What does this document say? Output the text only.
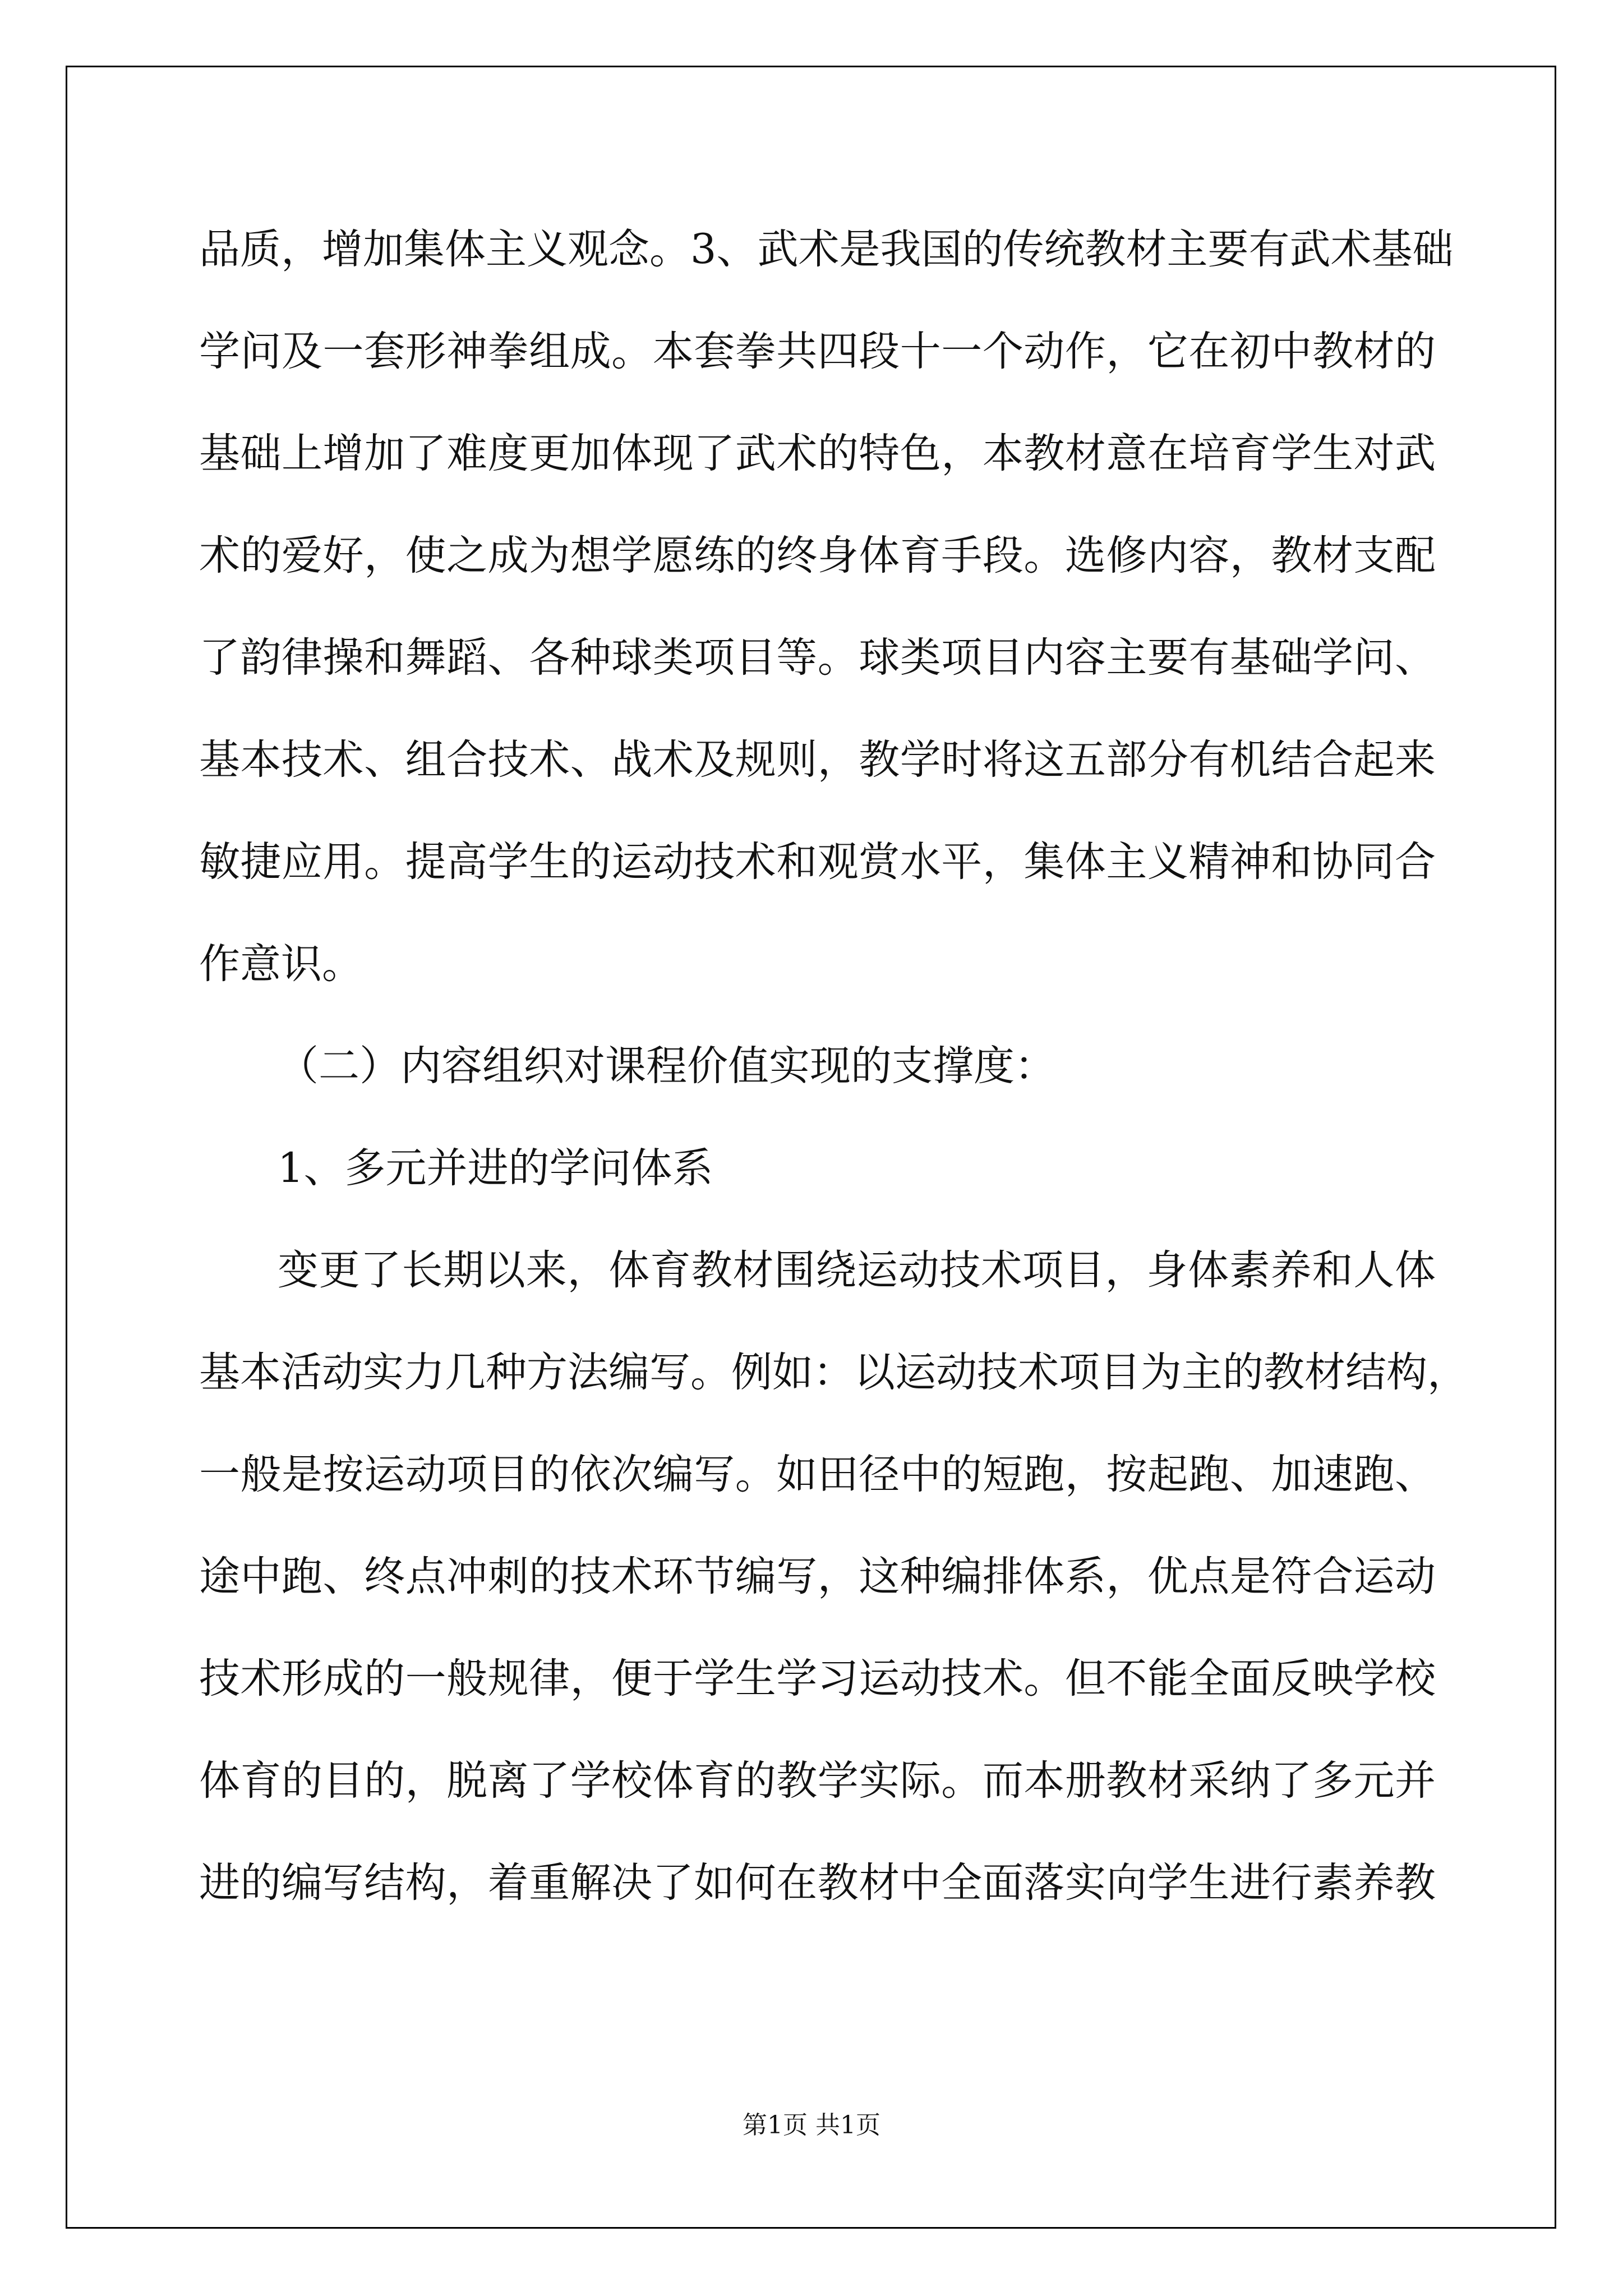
品质，增加集体主义观念。3、武术是我国的传统教材主要有武术基础
学问及一套形神拳组成。本套拳共四段十一个动作，它在初中教材的
基础上增加了难度更加体现了武术的特色，本教材意在培育学生对武
术的爱好，使之成为想学愿练的终身体育手段。选修内容，教材支配
了韵律操和舞蹈、各种球类项目等。球类项目内容主要有基础学问、
基本技术、组合技术、战术及规则，教学时将这五部分有机结合起来
敏捷应用。提高学生的运动技术和观赏水平，集体主义精神和协同合
作意识。
（二）内容组织对课程价值实现的支撑度：
1、多元并进的学问体系
变更了长期以来，体育教材围绕运动技术项目，身体素养和人体
基本活动实力几种方法编写。例如：以运动技术项目为主的教材结构，
一般是按运动项目的依次编写。如田径中的短跑，按起跑、加速跑、
途中跑、终点冲刺的技术环节编写，这种编排体系，优点是符合运动
技术形成的一般规律，便于学生学习运动技术。但不能全面反映学校
体育的目的，脱离了学校体育的教学实际。而本册教材采纳了多元并
进的编写结构，着重解决了如何在教材中全面落实向学生进行素养教
第1页 共1页
